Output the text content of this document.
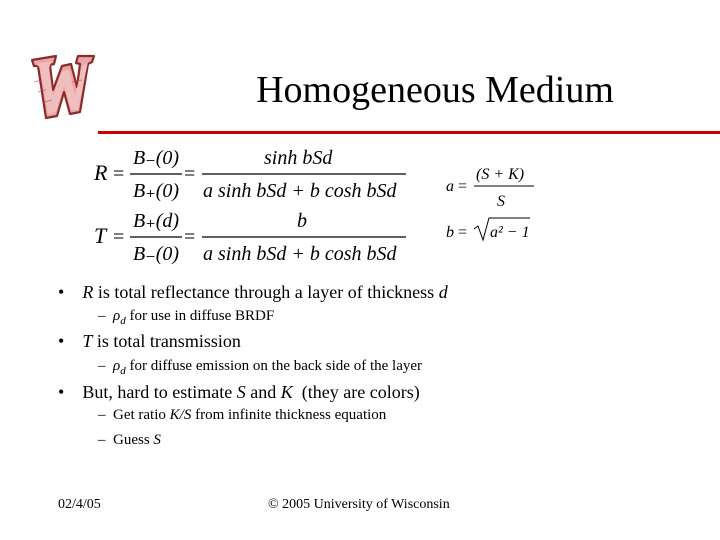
Homogeneous Medium
R =
B₋(0)
B₊(0)
=
sinh bSd
a sinh bSd + b cosh bSd
T =
B₊(d)
B₋(0)
=
b
a sinh bSd + b cosh bSd
a =
(S + K)
S
b = a² − 1
• R is total reflectance through a layer of thickness d
– $\rho_d$ for use in diffuse BRDF
• T is total transmission
– $\rho_d$ for diffuse emission on the back side of the layer
• But, hard to estimate S and K  (they are colors)
– Get ratio K/S from infinite thickness equation
– Guess S
02/4/05	© 2005 University of Wisconsin
